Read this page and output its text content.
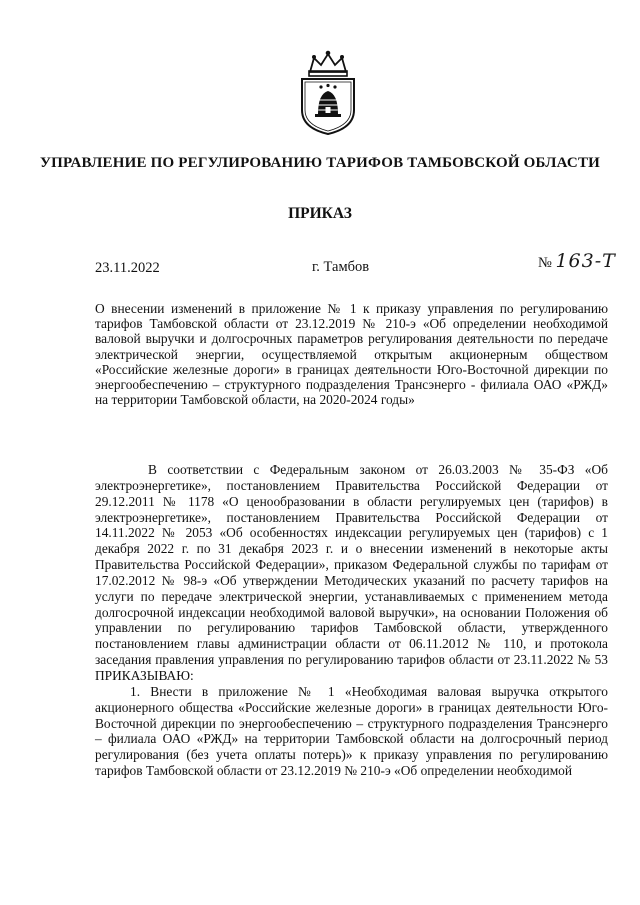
УПРАВЛЕНИЕ ПО РЕГУЛИРОВАНИЮ ТАРИФОВ ТАМБОВСКОЙ ОБЛАСТИ
ПРИКАЗ
23.11.2022	г. Тамбов	№ 163-Т
О внесении изменений в приложение № 1 к приказу управления по регулированию тарифов Тамбовской области от 23.12.2019 № 210-э «Об определении необходимой валовой выручки и долгосрочных параметров регулирования деятельности по передаче электрической энергии, осуществляемой открытым акционерным обществом «Российские железные дороги» в границах деятельности Юго-Восточной дирекции по энергообеспечению – структурного подразделения Трансэнерго - филиала ОАО «РЖД» на территории Тамбовской области, на 2020-2024 годы»

В соответствии с Федеральным законом от 26.03.2003 № 35-ФЗ «Об электроэнергетике», постановлением Правительства Российской Федерации от 29.12.2011 № 1178 «О ценообразовании в области регулируемых цен (тарифов) в электроэнергетике», постановлением Правительства Российской Федерации от 14.11.2022 № 2053 «Об особенностях индексации регулируемых цен (тарифов) с 1 декабря 2022 г. по 31 декабря 2023 г. и о внесении изменений в некоторые акты Правительства Российской Федерации», приказом Федеральной службы по тарифам от 17.02.2012 № 98-э «Об утверждении Методических указаний по расчету тарифов на услуги по передаче электрической энергии, устанавливаемых с применением метода долгосрочной индексации необходимой валовой выручки», на основании Положения об управлении по регулированию тарифов Тамбовской области, утвержденного постановлением главы администрации области от 06.11.2012 № 110, и протокола заседания правления управления по регулированию тарифов области от 23.11.2022 № 53 ПРИКАЗЫВАЮ:

1. Внести в приложение № 1 «Необходимая валовая выручка открытого акционерного общества «Российские железные дороги» в границах деятельности Юго-Восточной дирекции по энергообеспечению – структурного подразделения Трансэнерго – филиала ОАО «РЖД» на территории Тамбовской области на долгосрочный период регулирования (без учета оплаты потерь)» к приказу управления по регулированию тарифов Тамбовской области от 23.12.2019 № 210-э «Об определении необходимой
